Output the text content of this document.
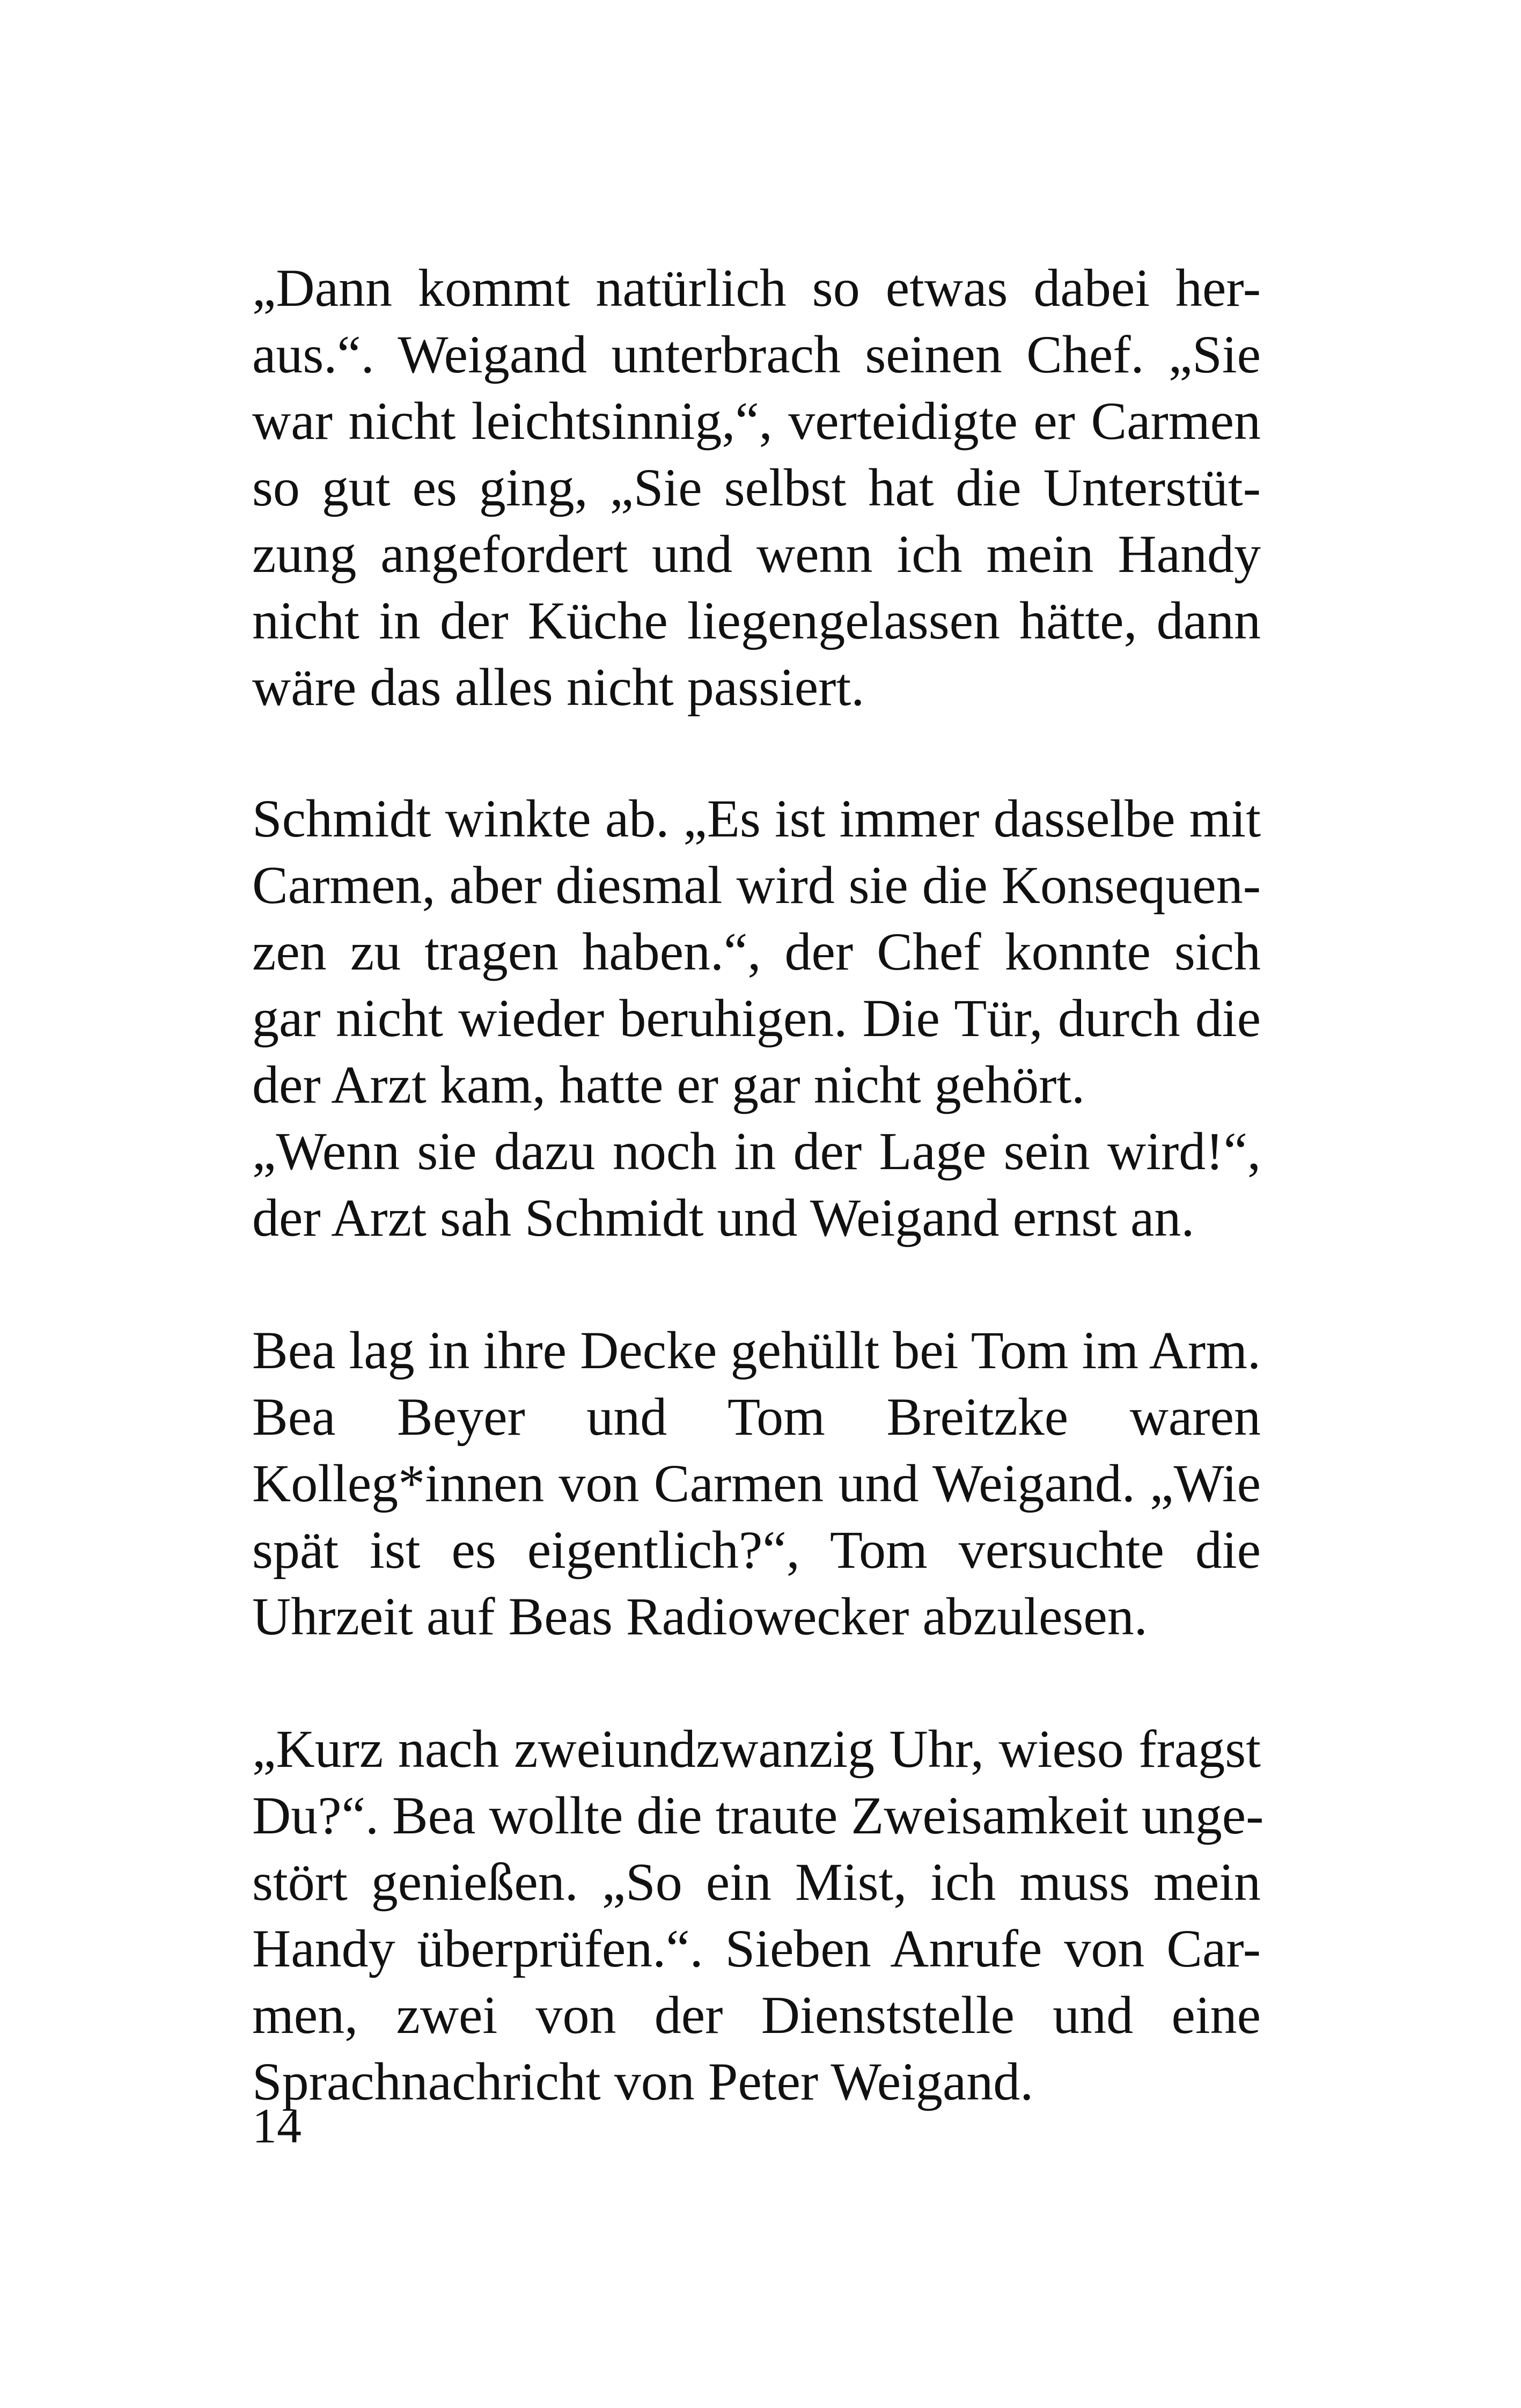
„Dann kommt natürlich so etwas dabei her-
aus.“. Weigand unterbrach seinen Chef. „Sie
war nicht leichtsinnig,“, verteidigte er Carmen
so gut es ging, „Sie selbst hat die Unterstüt-
zung angefordert und wenn ich mein Handy
nicht in der Küche liegengelassen hätte, dann
wäre das alles nicht passiert.
Schmidt winkte ab. „Es ist immer dasselbe mit
Carmen, aber diesmal wird sie die Konsequen-
zen zu tragen haben.“, der Chef konnte sich
gar nicht wieder beruhigen. Die Tür, durch die
der Arzt kam, hatte er gar nicht gehört.
„Wenn sie dazu noch in der Lage sein wird!“,
der Arzt sah Schmidt und Weigand ernst an.
Bea lag in ihre Decke gehüllt bei Tom im Arm.
Bea Beyer und Tom Breitzke waren
Kolleg*innen von Carmen und Weigand. „Wie
spät ist es eigentlich?“, Tom versuchte die
Uhrzeit auf Beas Radiowecker abzulesen.
„Kurz nach zweiundzwanzig Uhr, wieso fragst
Du?“. Bea wollte die traute Zweisamkeit unge-
stört genießen. „So ein Mist, ich muss mein
Handy überprüfen.“. Sieben Anrufe von Car-
men, zwei von der Dienststelle und eine
Sprachnachricht von Peter Weigand.
14
